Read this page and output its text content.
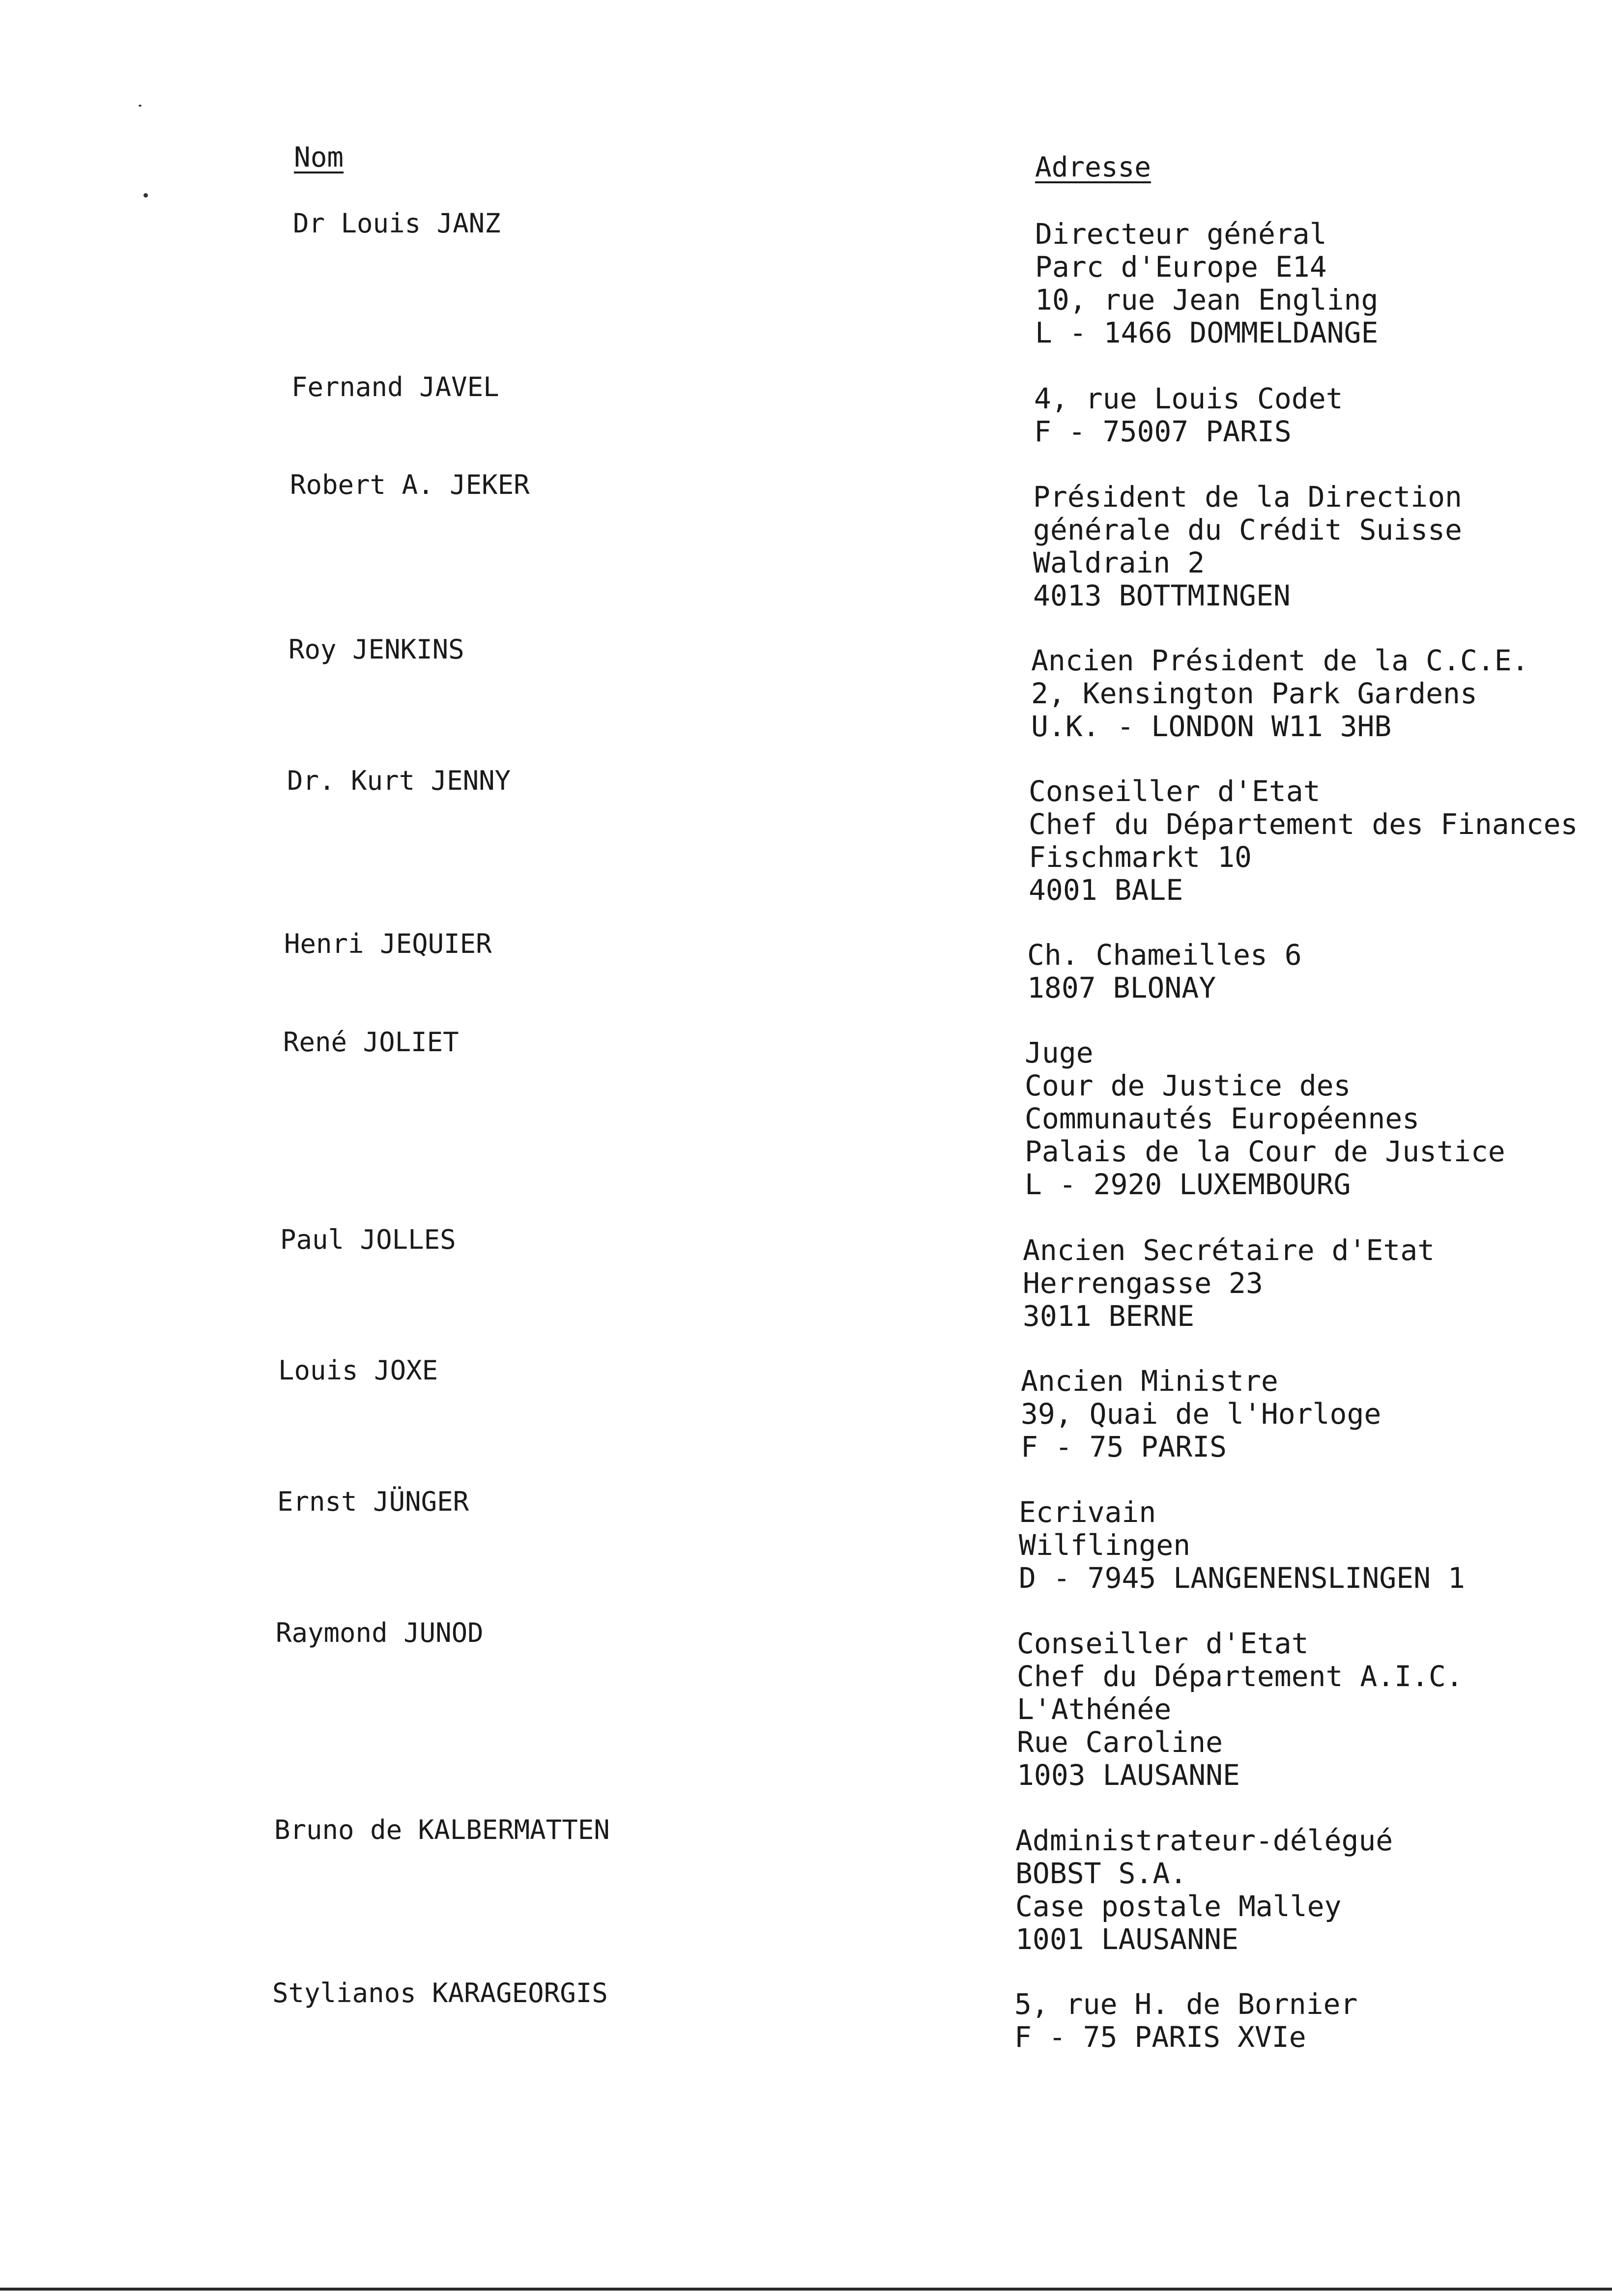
Nom	Adresse
Dr Louis JANZ	Directeur général
Parc d'Europe E14
10, rue Jean Engling
L - 1466 DOMMELDANGE
Fernand JAVEL	4, rue Louis Codet
F - 75007 PARIS
Robert A. JEKER	Président de la Direction
générale du Crédit Suisse
Waldrain 2
4013 BOTTMINGEN
Roy JENKINS	Ancien Président de la C.C.E.
2, Kensington Park Gardens
U.K. - LONDON W11 3HB
Dr. Kurt JENNY	Conseiller d'Etat
Chef du Département des Finances
Fischmarkt 10
4001 BALE
Henri JEQUIER	Ch. Chameilles 6
1807 BLONAY
René JOLIET	Juge
Cour de Justice des
Communautés Européennes
Palais de la Cour de Justice
L - 2920 LUXEMBOURG
Paul JOLLES	Ancien Secrétaire d'Etat
Herrengasse 23
3011 BERNE
Louis JOXE	Ancien Ministre
39, Quai de l'Horloge
F - 75 PARIS
Ernst JÜNGER	Ecrivain
Wilflingen
D - 7945 LANGENENSLINGEN 1
Raymond JUNOD	Conseiller d'Etat
Chef du Département A.I.C.
L'Athénée
Rue Caroline
1003 LAUSANNE
Bruno de KALBERMATTEN	Administrateur-délégué
BOBST S.A.
Case postale Malley
1001 LAUSANNE
Stylianos KARAGEORGIS	5, rue H. de Bornier
F - 75 PARIS XVIe
